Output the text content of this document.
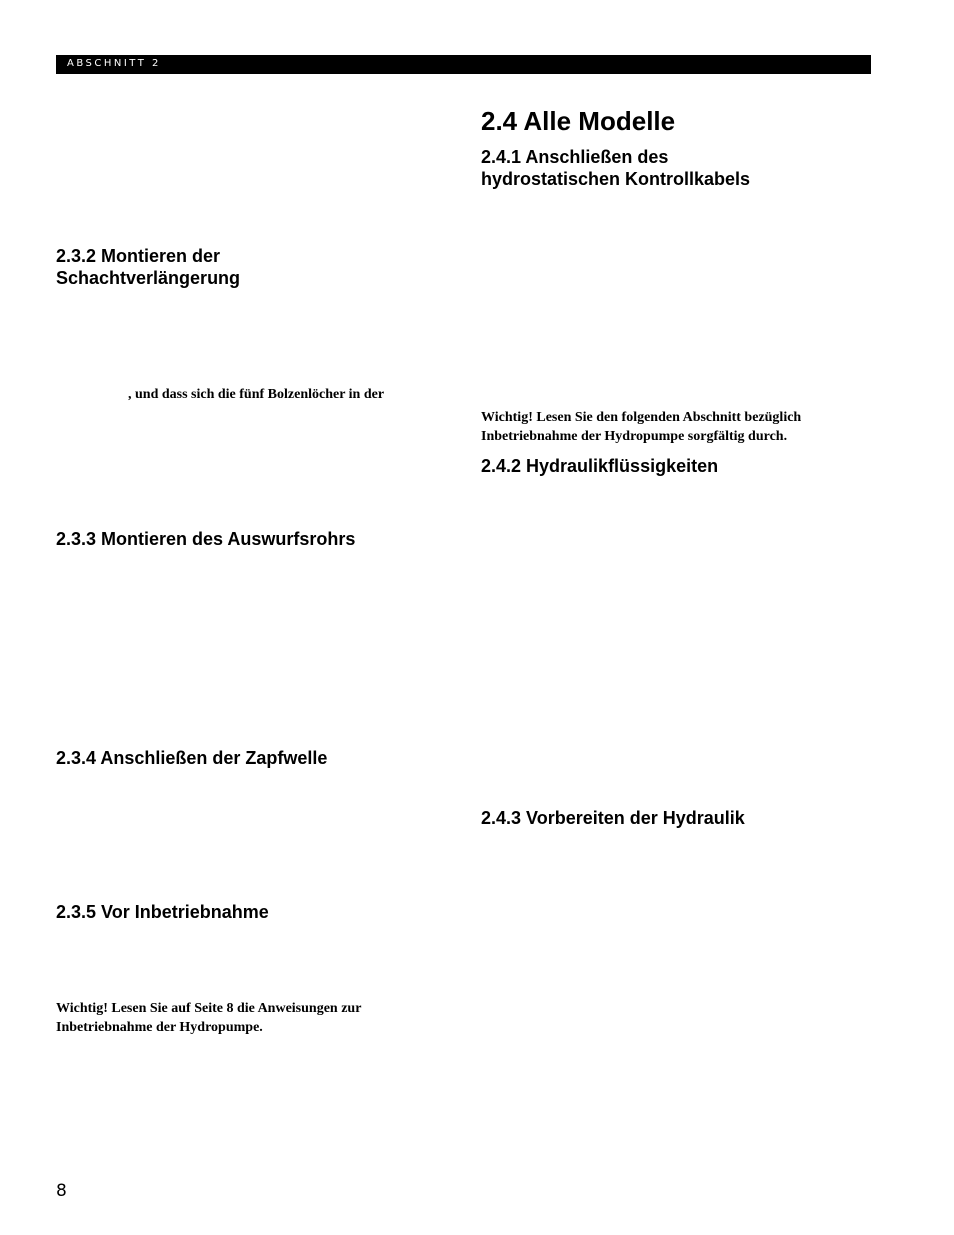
ABSCHNITT 2
2.3.2 Montieren der
Schachtverlängerung
, und dass sich die fünf Bolzenlöcher in der
2.3.3 Montieren des Auswurfsrohrs
2.3.4 Anschließen der Zapfwelle
2.3.5 Vor Inbetriebnahme
Wichtig! Lesen Sie auf Seite 8 die Anweisungen zur
Inbetriebnahme der Hydropumpe.
2.4 Alle Modelle
2.4.1 Anschließen des
hydrostatischen Kontrollkabels
Wichtig! Lesen Sie den folgenden Abschnitt bezüglich
Inbetriebnahme der Hydropumpe sorgfältig durch.
2.4.2 Hydraulikflüssigkeiten
2.4.3 Vorbereiten der Hydraulik
8
